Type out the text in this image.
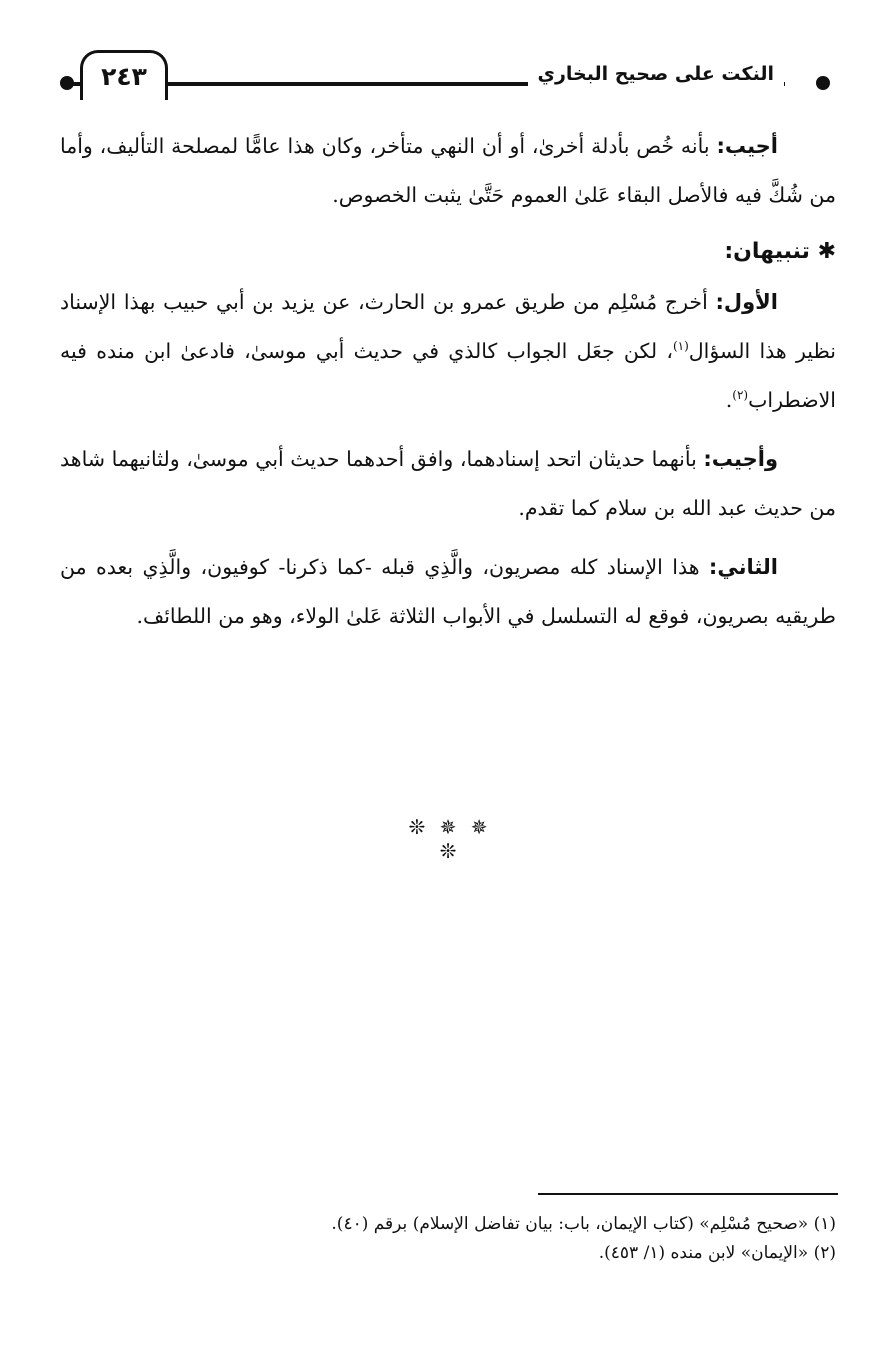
٢٤٣	النكت على صحيح البخاري

أجيب: بأنه خُص بأدلة أخرىٰ، أو أن النهي متأخر، وكان هذا عامًّا لمصلحة التأليف، وأما من شُكَّ فيه فالأصل البقاء عَلىٰ العموم حَتَّىٰ يثبت الخصوص.

✱ تنبيهان:

الأول: أخرج مُسْلِم من طريق عمرو بن الحارث، عن يزيد بن أبي حبيب بهذا الإسناد نظير هذا السؤال$^{(١)}$، لكن جعَل الجواب كالذي في حديث أبي موسىٰ، فادعىٰ ابن منده فيه الاضطراب$^{(٢)}$.

وأجيب: بأنهما حديثان اتحد إسنادهما، وافق أحدهما حديث أبي موسىٰ، ولثانيهما شاهد من حديث عبد الله بن سلام كما تقدم.

الثاني: هذا الإسناد كله مصريون، والَّذِي قبله -كما ذكرنا- كوفيون، والَّذِي بعده من طريقيه بصريون، فوقع له التسلسل في الأبواب الثلاثة عَلىٰ الولاء، وهو من اللطائف.

❊ ✵ ✵ ❊
(١) «صحيح مُسْلِم» (كتاب الإيمان، باب: بيان تفاضل الإسلام) برقم (٤٠).
(٢) «الإيمان» لابن منده (١/ ٤٥٣).
